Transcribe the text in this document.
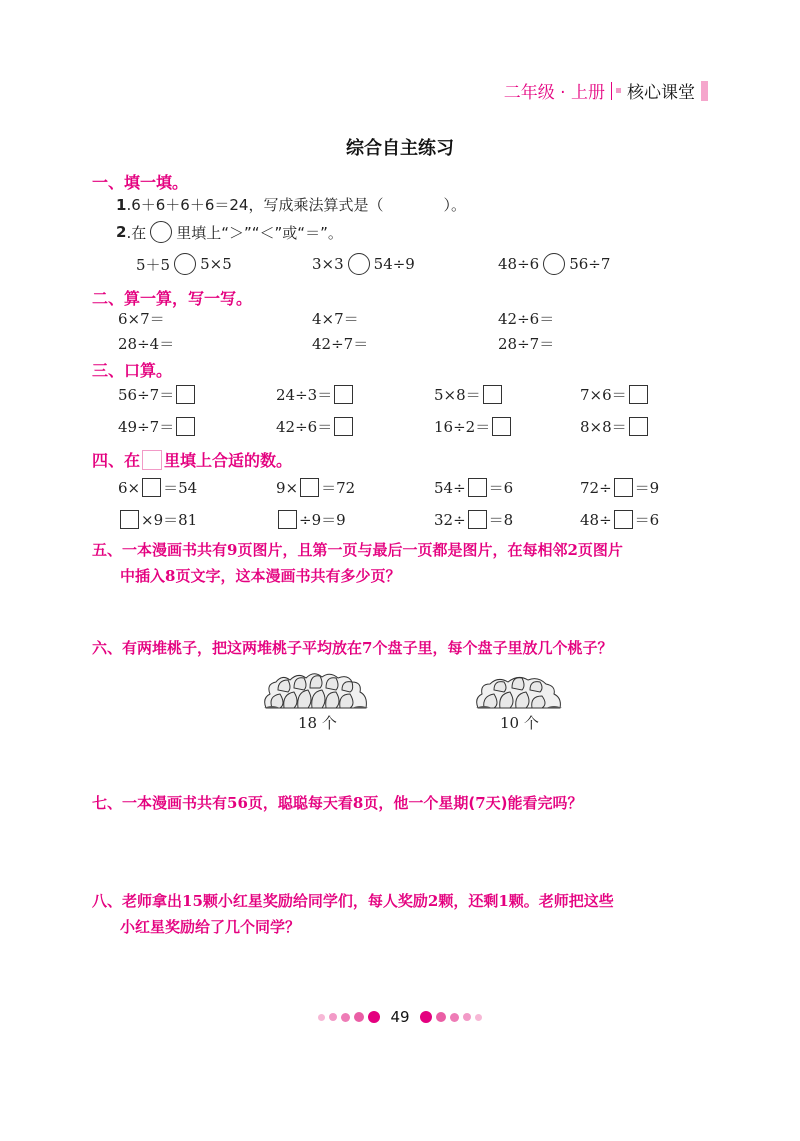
二年级 · 上册 核心课堂
综合自主练习
一、填一填。
1.6＋6＋6＋6＝24，写成乘法算式是（　　　　）。
2 .在 里填上“＞”“＜”或“＝”。
5＋5 5×5	3×3 54÷9	48÷6 56÷7
二、算一算，写一写。
6×7＝	4×7＝	42÷6＝
28÷4＝	42÷7＝	28÷7＝
三、口算。
56÷7＝	24÷3＝	5×8＝	7×6＝
49÷7＝	42÷6＝	16÷2＝	8×8＝
四、在 里填上合适的数。
6× ＝54	9× ＝72	54÷ ＝6	72÷ ＝9
×9＝81	÷9＝9	32÷ ＝8	48÷ ＝6
五、一本漫画书共有9页图片，且第一页与最后一页都是图片，在每相邻2页图片
中插入8页文字，这本漫画书共有多少页？
六、有两堆桃子，把这两堆桃子平均放在7个盘子里，每个盘子里放几个桃子？
18 个	10 个
七、一本漫画书共有56页，聪聪每天看8页，他一个星期(7天)能看完吗？
八、老师拿出15颗小红星奖励给同学们，每人奖励2颗，还剩1颗。老师把这些
小红星奖励给了几个同学？
49
